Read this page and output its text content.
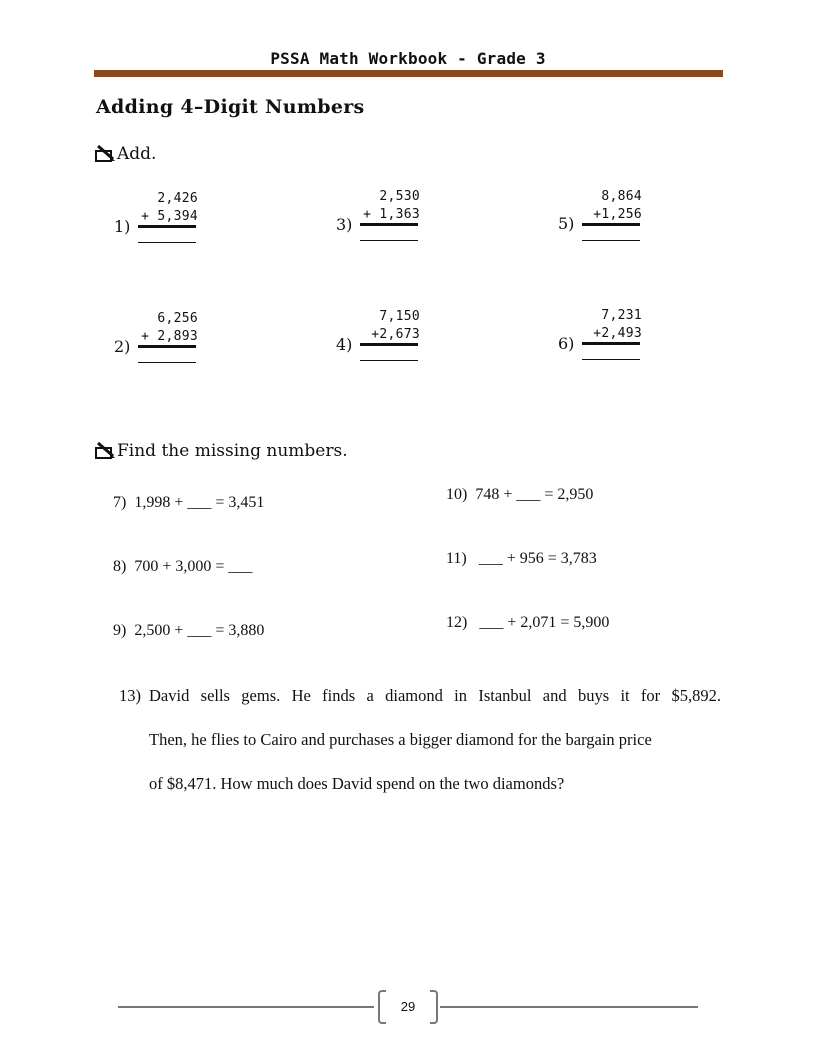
PSSA Math Workbook - Grade 3
Adding 4–Digit Numbers
Add.
1)
2,426
+ 5,394	3)
2,530
+ 1,363	5)
8,864
+1,256
2)
6,256
+ 2,893	4)
7,150
+2,673	6)
7,231
+2,493
Find the missing numbers.
7)  1,998 + ___ = 3,451
8)  700 + 3,000 = ___
9)  2,500 + ___ = 3,880
10)  748 + ___ = 2,950
11)   ___ + 956 = 3,783
12)   ___ + 2,071 = 5,900
13) David sells gems. He finds a diamond in Istanbul and buys it for $5,892.
Then, he flies to Cairo and purchases a bigger diamond for the bargain price
of $8,471. How much does David spend on the two diamonds?
29
